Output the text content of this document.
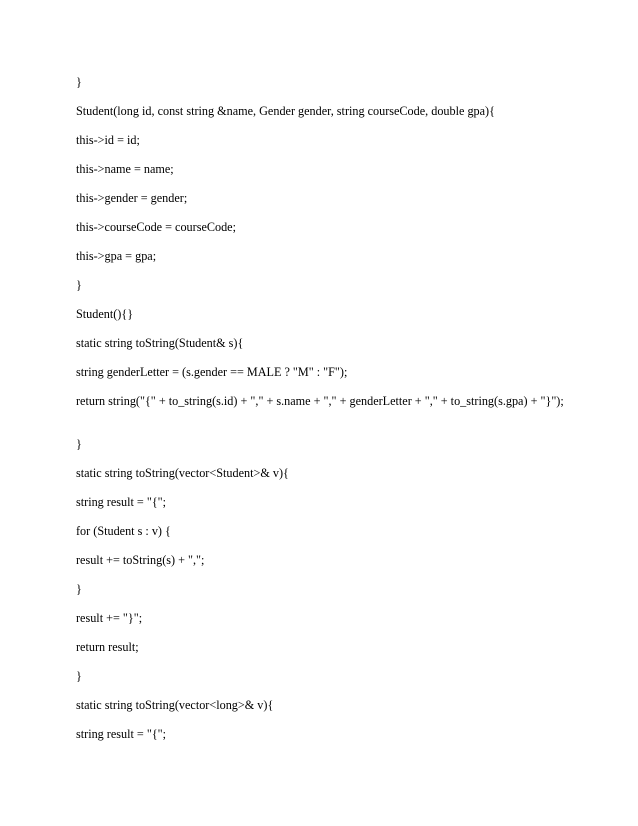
}

Student(long id, const string &name, Gender gender, string courseCode, double gpa){

this->id = id;

this->name = name;

this->gender = gender;

this->courseCode = courseCode;

this->gpa = gpa;

}

Student(){}

static string toString(Student& s){

string genderLetter = (s.gender == MALE ? "M" : "F");

return string("{" + to_string(s.id) + "," + s.name + "," + genderLetter + "," + to_string(s.gpa) + "}");

}

static string toString(vector<Student>& v){

string result = "{";

for (Student s : v) {

result += toString(s) + ",";

}

result += "}";

return result;

}

static string toString(vector<long>& v){

string result = "{";
